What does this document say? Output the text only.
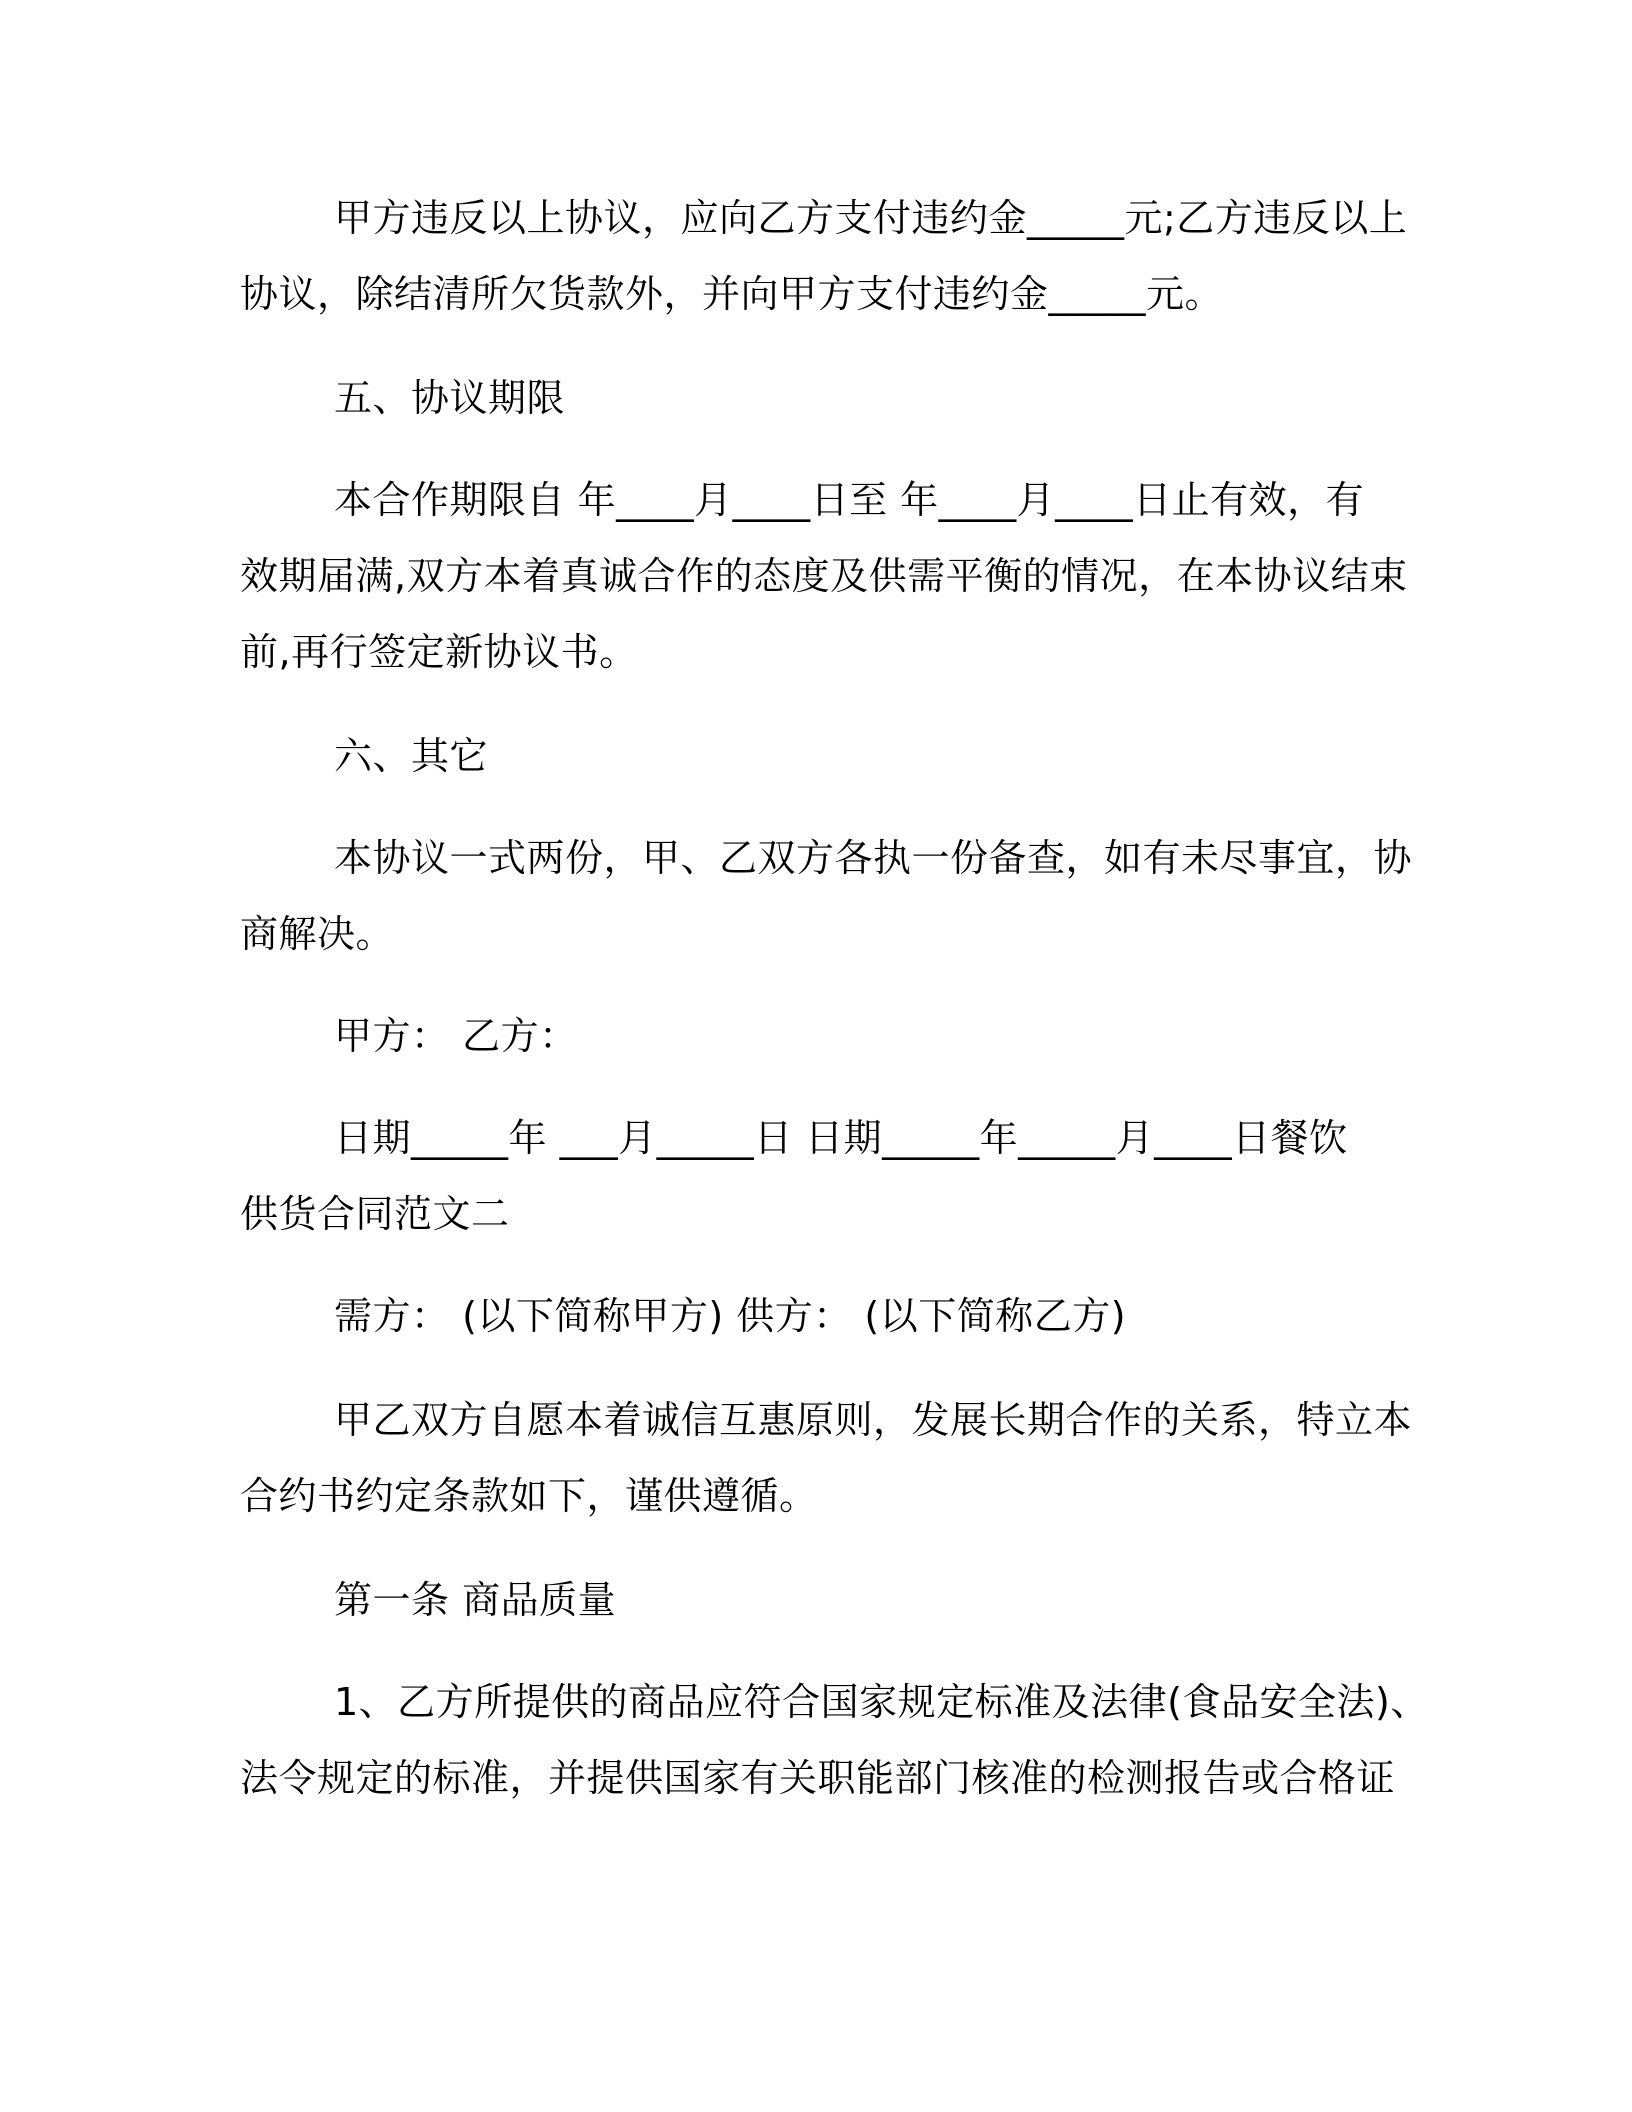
甲方违反以上协议，应向乙方支付违约金_____元;乙方违反以上
协议，除结清所欠货款外，并向甲方支付违约金_____元。
五、协议期限
本合作期限自 年____月____日至 年____月____日止有效，有
效期届满,双方本着真诚合作的态度及供需平衡的情况，在本协议结束
前,再行签定新协议书。
六、其它
本协议一式两份，甲、乙双方各执一份备查，如有未尽事宜，协
商解决。
甲方： 乙方：
日期_____年 ___月_____日 日期_____年_____月____日餐饮
供货合同范文二
需方： (以下简称甲方) 供方： (以下简称乙方)
甲乙双方自愿本着诚信互惠原则，发展长期合作的关系，特立本
合约书约定条款如下，谨供遵循。
第一条 商品质量
1、乙方所提供的商品应符合国家规定标准及法律(食品安全法)、
法令规定的标准，并提供国家有关职能部门核准的检测报告或合格证
